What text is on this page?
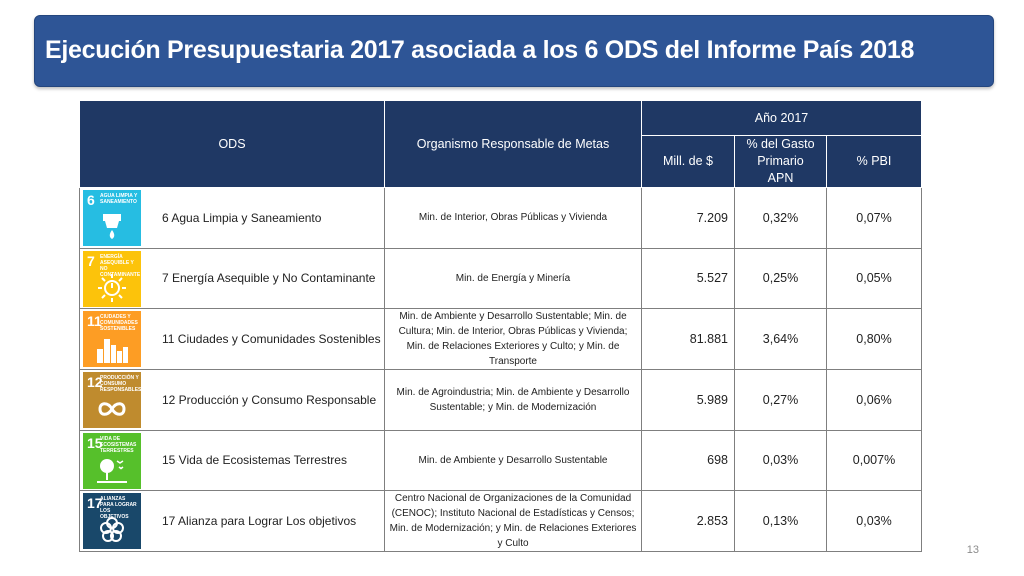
Ejecución Presupuestaria 2017 asociada a los 6 ODS del Informe País 2018
ODS	Organismo Responsable de Metas	Año 2017		
		Mill. de $	% del Gasto Primario APN	% PBI

6 AGUA LIMPIA Y SANEAMIENTO
6 Agua Limpia y Saneamiento	Min. de Interior, Obras Públicas y Vivienda	7.209	0,32%	0,07%

7 ENERGÍA ASEQUIBLE Y NO CONTAMINANTE 7 Energía Asequible y No Contaminante	Min. de Energía y Minería	5.527	0,25%	0,05%

11
CIUDADES Y COMUNIDADES SOSTENIBLES
11 Ciudades y Comunidades Sostenibles	Min. de Ambiente y Desarrollo Sustentable; Min. de Cultura; Min. de Interior, Obras Públicas y Vivienda; Min. de Relaciones Exteriores y Culto; y Min. de Transporte	81.881	3,64%	0,80%

12
PRODUCCIÓN Y CONSUMO RESPONSABLES
12 Producción y Consumo Responsable	Min. de Agroindustria; Min. de Ambiente y Desarrollo Sustentable; y Min. de Modernización	5.989	0,27%	0,06%

15
VIDA DE ECOSISTEMAS TERRESTRES
15 Vida de Ecosistemas Terrestres	Min. de Ambiente y Desarrollo Sustentable	698	0,03%	0,007%

17
ALIANZAS PARA LOGRAR LOS OBJETIVOS 17 Alianza para Lograr Los objetivos	Centro Nacional de Organizaciones de la Comunidad (CENOC); Instituto Nacional de Estadísticas y Censos; Min. de Modernización; y Min. de Relaciones Exteriores y Culto	2.853	0,13%	0,03%
13
